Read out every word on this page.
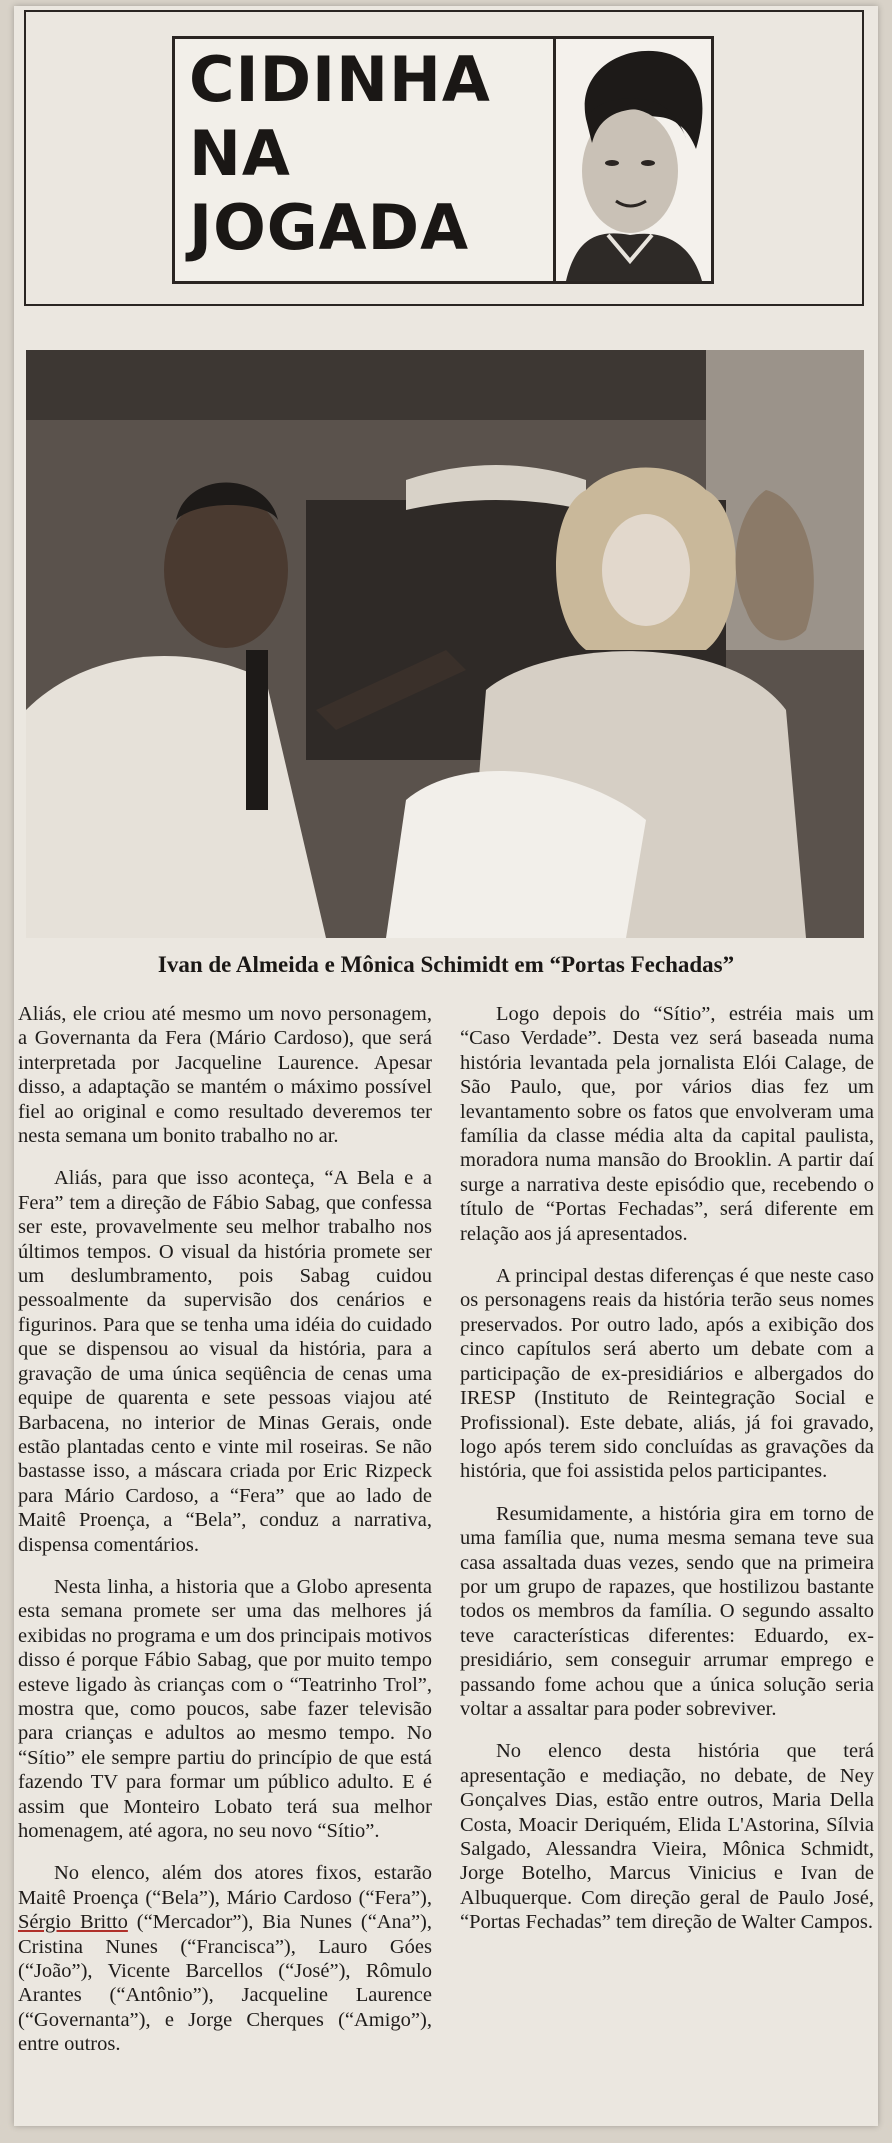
CIDINHA
NA
JOGADA
Ivan de Almeida e Mônica Schimidt em “Portas Fechadas”

Aliás, ele criou até mesmo um novo personagem, a Governanta da Fera (Mário Cardoso), que será interpretada por Jacqueline Laurence. Apesar disso, a adaptação se mantém o máximo possível fiel ao original e como resultado deveremos ter nesta semana um bonito trabalho no ar.

Aliás, para que isso aconteça, “A Bela e a Fera” tem a direção de Fábio Sabag, que confessa ser este, provavelmente seu melhor trabalho nos últimos tempos. O visual da história promete ser um deslumbramento, pois Sabag cuidou pessoalmente da supervisão dos cenários e figurinos. Para que se tenha uma idéia do cuidado que se dispensou ao visual da história, para a gravação de uma única seqüência de cenas uma equipe de quarenta e sete pessoas viajou até Barbacena, no interior de Minas Gerais, onde estão plantadas cento e vinte mil roseiras. Se não bastasse isso, a máscara criada por Eric Rizpeck para Mário Cardoso, a “Fera” que ao lado de Maitê Proença, a “Bela”, conduz a narrativa, dispensa comentários.

Nesta linha, a historia que a Globo apresenta esta semana promete ser uma das melhores já exibidas no programa e um dos principais motivos disso é porque Fábio Sabag, que por muito tempo esteve ligado às crianças com o “Teatrinho Trol”, mostra que, como poucos, sabe fazer televisão para crianças e adultos ao mesmo tempo. No “Sítio” ele sempre partiu do princípio de que está fazendo TV para formar um público adulto. E é assim que Monteiro Lobato terá sua melhor homenagem, até agora, no seu novo “Sítio”.

No elenco, além dos atores fixos, estarão Maitê Proença (“Bela”), Mário Cardoso (“Fera”), Sérgio Britto (“Mercador”), Bia Nunes (“Ana”), Cristina Nunes (“Francisca”), Lauro Góes (“João”), Vicente Barcellos (“José”), Rômulo Arantes (“Antônio”), Jacqueline Laurence (“Governanta”), e Jorge Cherques (“Amigo”), entre outros.

Logo depois do “Sítio”, estréia mais um “Caso Verdade”. Desta vez será baseada numa história levantada pela jornalista Elói Calage, de São Paulo, que, por vários dias fez um levantamento sobre os fatos que envolveram uma família da classe média alta da capital paulista, moradora numa mansão do Brooklin. A partir daí surge a narrativa deste episódio que, recebendo o título de “Portas Fechadas”, será diferente em relação aos já apresentados.

A principal destas diferenças é que neste caso os personagens reais da história terão seus nomes preservados. Por outro lado, após a exibição dos cinco capítulos será aberto um debate com a participação de ex-presidiários e albergados do IRESP (Instituto de Reintegração Social e Profissional). Este debate, aliás, já foi gravado, logo após terem sido concluídas as gravações da história, que foi assistida pelos participantes.

Resumidamente, a história gira em torno de uma família que, numa mesma semana teve sua casa assaltada duas vezes, sendo que na primeira por um grupo de rapazes, que hostilizou bastante todos os membros da família. O segundo assalto teve características diferentes: Eduardo, ex-presidiário, sem conseguir arrumar emprego e passando fome achou que a única solução seria voltar a assaltar para poder sobreviver.

No elenco desta história que terá apresentação e mediação, no debate, de Ney Gonçalves Dias, estão entre outros, Maria Della Costa, Moacir Deriquém, Elida L'Astorina, Sílvia Salgado, Alessandra Vieira, Mônica Schmidt, Jorge Botelho, Marcus Vinicius e Ivan de Albuquerque. Com direção geral de Paulo José, “Portas Fechadas” tem direção de Walter Campos.
